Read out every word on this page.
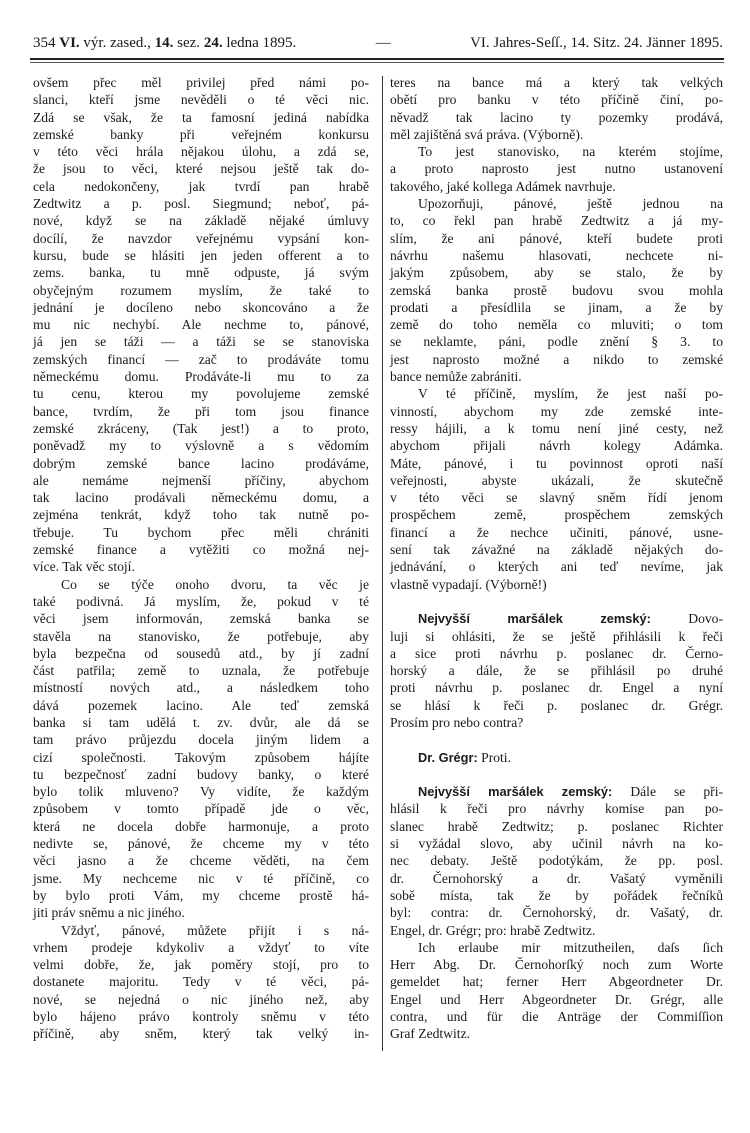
354 VI. výr. zased., 14. sez. 24. ledna 1895.	—	VI. Jahres-Seſſ., 14. Sitz. 24. Jänner 1895.
ovšem přec měl privilej před námi po-
slanci, kteří jsme nevěděli o té věci nic.
Zdá se však, že ta famosní jediná nabídka
zemské banky při veřejném konkursu
v této věci hrála nějakou úlohu, a zdá se,
že jsou to věci, které nejsou ještě tak do-
cela nedokončeny, jak tvrdí pan hrabě
Zedtwitz a p. posl. Siegmund; neboť, pá-
nové, když se na základě nějaké úmluvy
docílí, že navzdor veřejnému vypsání kon-
kursu, bude se hlásiti jen jeden offerent a to
zems. banka, tu mně odpuste, já svým
obyčejným rozumem myslím, že také to
jednání je docíleno nebo skoncováno a že
mu nic nechybí. Ale nechme to, pánové,
já jen se táži — a táži se se stanoviska
zemských financí — zač to prodáváte tomu
německému domu. Prodáváte-li mu to za
tu cenu, kterou my povolujeme zemské
bance, tvrdím, že při tom jsou finance
zemské zkráceny, (Tak jest!) a to proto,
poněvadž my to výslovně a s vědomím
dobrým zemské bance lacino prodáváme,
ale nemáme nejmenší příčiny, abychom
tak lacino prodávali německému domu, a
zejména tenkrát, když toho tak nutně po-
třebuje. Tu bychom přec měli chrániti
zemské finance a vytěžiti co možná nej-
více. Tak věc stojí.
Co se týče onoho dvoru, ta věc je
také podivná. Já myslím, že, pokud v té
věci jsem informován, zemská banka se
stavěla na stanovisko, že potřebuje, aby
byla bezpečna od sousedů atd., by jí zadní
část patřila; země to uznala, že potřebuje
místností nových atd., a následkem toho
dává pozemek lacino. Ale teď zemská
banka si tam udělá t. zv. dvůr, ale dá se
tam právo průjezdu docela jiným lidem a
cizí společnosti. Takovým způsobem hájíte
tu bezpečnosť zadní budovy banky, o které
bylo tolik mluveno? Vy vidíte, že každým
způsobem v tomto případě jde o věc,
která ne docela dobře harmonuje, a proto
nedivte se, pánové, že chceme my v této
věci jasno a že chceme věděti, na čem
jsme. My nechceme nic v té příčině, co
by bylo proti Vám, my chceme prostě há-
jiti práv sněmu a nic jiného.
Vždyť, pánové, můžete přijít i s ná-
vrhem prodeje kdykoliv a vždyť to víte
velmi dobře, že, jak poměry stojí, pro to
dostanete majoritu. Tedy v té věci, pá-
nové, se nejedná o nic jiného než, aby
bylo hájeno právo kontroly sněmu v této
příčině, aby sněm, který tak velký in-
teres na bance má a který tak velkých
obětí pro banku v této příčině činí, po-
něvadž tak lacino ty pozemky prodává,
měl zajištěná svá práva. (Výborně).
To jest stanovisko, na kterém stojíme,
a proto naprosto jest nutno ustanovení
takového, jaké kollega Adámek navrhuje.
Upozorňuji, pánové, ještě jednou na
to, co řekl pan hrabě Zedtwitz a já my-
slím, že ani pánové, kteří budete proti
návrhu našemu hlasovati, nechcete ni-
jakým způsobem, aby se stalo, že by
zemská banka prostě budovu svou mohla
prodati a přesídlila se jinam, a že by
země do toho neměla co mluviti; o tom
se neklamte, páni, podle znění § 3. to
jest naprosto možné a nikdo to zemské
bance nemůže zabrániti.
V té příčině, myslím, že jest naší po-
vinností, abychom my zde zemské inte-
ressy hájili, a k tomu není jiné cesty, než
abychom přijali návrh kolegy Adámka.
Máte, pánové, i tu povinnost oproti naší
veřejnosti, abyste ukázali, že skutečně
v této věci se slavný sněm řídí jenom
prospěchem země, prospěchem zemských
financí a že nechce učiniti, pánové, usne-
sení tak závažné na základě nějakých do-
jednávání, o kterých ani teď nevíme, jak
vlastně vypadají. (Výborně!)
Nejvyšší maršálek zemský: Dovo-
luji si ohlásiti, že se ještě přihlásili k řeči
a sice proti návrhu p. poslanec dr. Černo-
horský a dále, že se přihlásil po druhé
proti návrhu p. poslanec dr. Engel a nyní
se hlásí k řeči p. poslanec dr. Grégr.
Prosím pro nebo contra?
Dr. Grégr: Proti.
Nejvyšší maršálek zemský: Dále se při-
hlásil k řeči pro návrhy komise pan po-
slanec hrabě Zedtwitz; p. poslanec Richter
si vyžádal slovo, aby učinil návrh na ko-
nec debaty. Ještě podotýkám, že pp. posl.
dr. Černohorský a dr. Vašatý vyměnili
sobě místa, tak že by pořádek řečníků
byl: contra: dr. Černohorský, dr. Vašatý, dr.
Engel, dr. Grégr; pro: hrabě Zedtwitz.
Ich erlaube mir mitzutheilen, daſs ſich
Herr Abg. Dr. Černohorſký noch zum Worte
gemeldet hat; ferner Herr Abgeordneter Dr.
Engel und Herr Abgeordneter Dr. Grégr, alle
contra, und für die Anträge der Commiſſion
Graf Zedtwitz.
